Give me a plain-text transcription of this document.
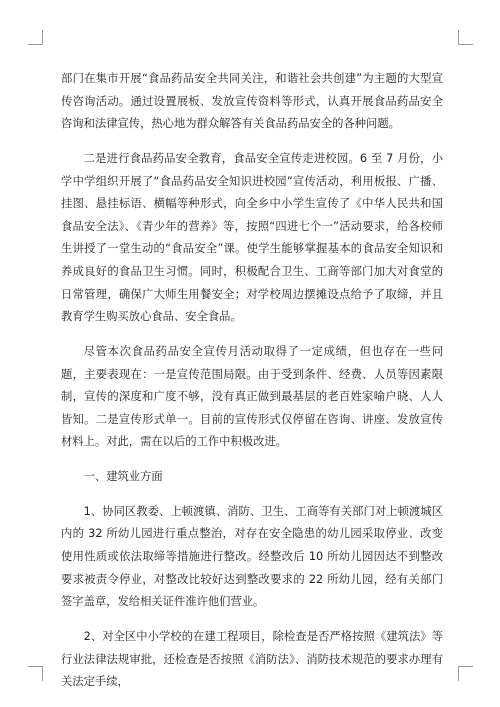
部门在集市开展“食品药品安全共同关注，和谐社会共创建”为主题的大型宣传咨询活动。通过设置展板、发放宣传资料等形式，认真开展食品药品安全咨询和法律宣传，热心地为群众解答有关食品药品安全的各种问题。

二是进行食品药品安全教育，食品安全宣传走进校园。6 至 7 月份，小学中学组织开展了“食品药品安全知识进校园”宣传活动，利用板报、广播、挂图、悬挂标语、横幅等种形式，向全乡中小学生宣传了《中华人民共和国食品安全法》、《青少年的营养》等，按照“四进七个一”活动要求，给各校师生讲授了一堂生动的“食品安全”课。使学生能够掌握基本的食品安全知识和养成良好的食品卫生习惯。同时，积极配合卫生、工商等部门加大对食堂的日常管理，确保广大师生用餐安全；对学校周边摆摊设点给予了取缔，并且教育学生购买放心食品、安全食品。

尽管本次食品药品安全宣传月活动取得了一定成绩，但也存在一些问题，主要表现在：一是宣传范围局限。由于受到条件、经费、人员等因素限制，宣传的深度和广度不够，没有真正做到最基层的老百姓家喻户晓、人人皆知。二是宣传形式单一。目前的宣传形式仅停留在咨询、讲座、发放宣传材料上。对此，需在以后的工作中积极改进。

一、建筑业方面

1、协同区教委、上顿渡镇、消防、卫生、工商等有关部门对上顿渡城区内的 32 所幼儿园进行重点整治，对存在安全隐患的幼儿园采取停业、改变使用性质或依法取缔等措施进行整改。经整改后 10 所幼儿园因达不到整改要求被责令停业，对整改比较好达到整改要求的 22 所幼儿园，经有关部门签字盖章，发给相关证件准许他们营业。

2、对全区中小学校的在建工程项目，除检查是否严格按照《建筑法》等行业法律法规审批，还检查是否按照《消防法》、消防技术规范的要求办理有关法定手续，
